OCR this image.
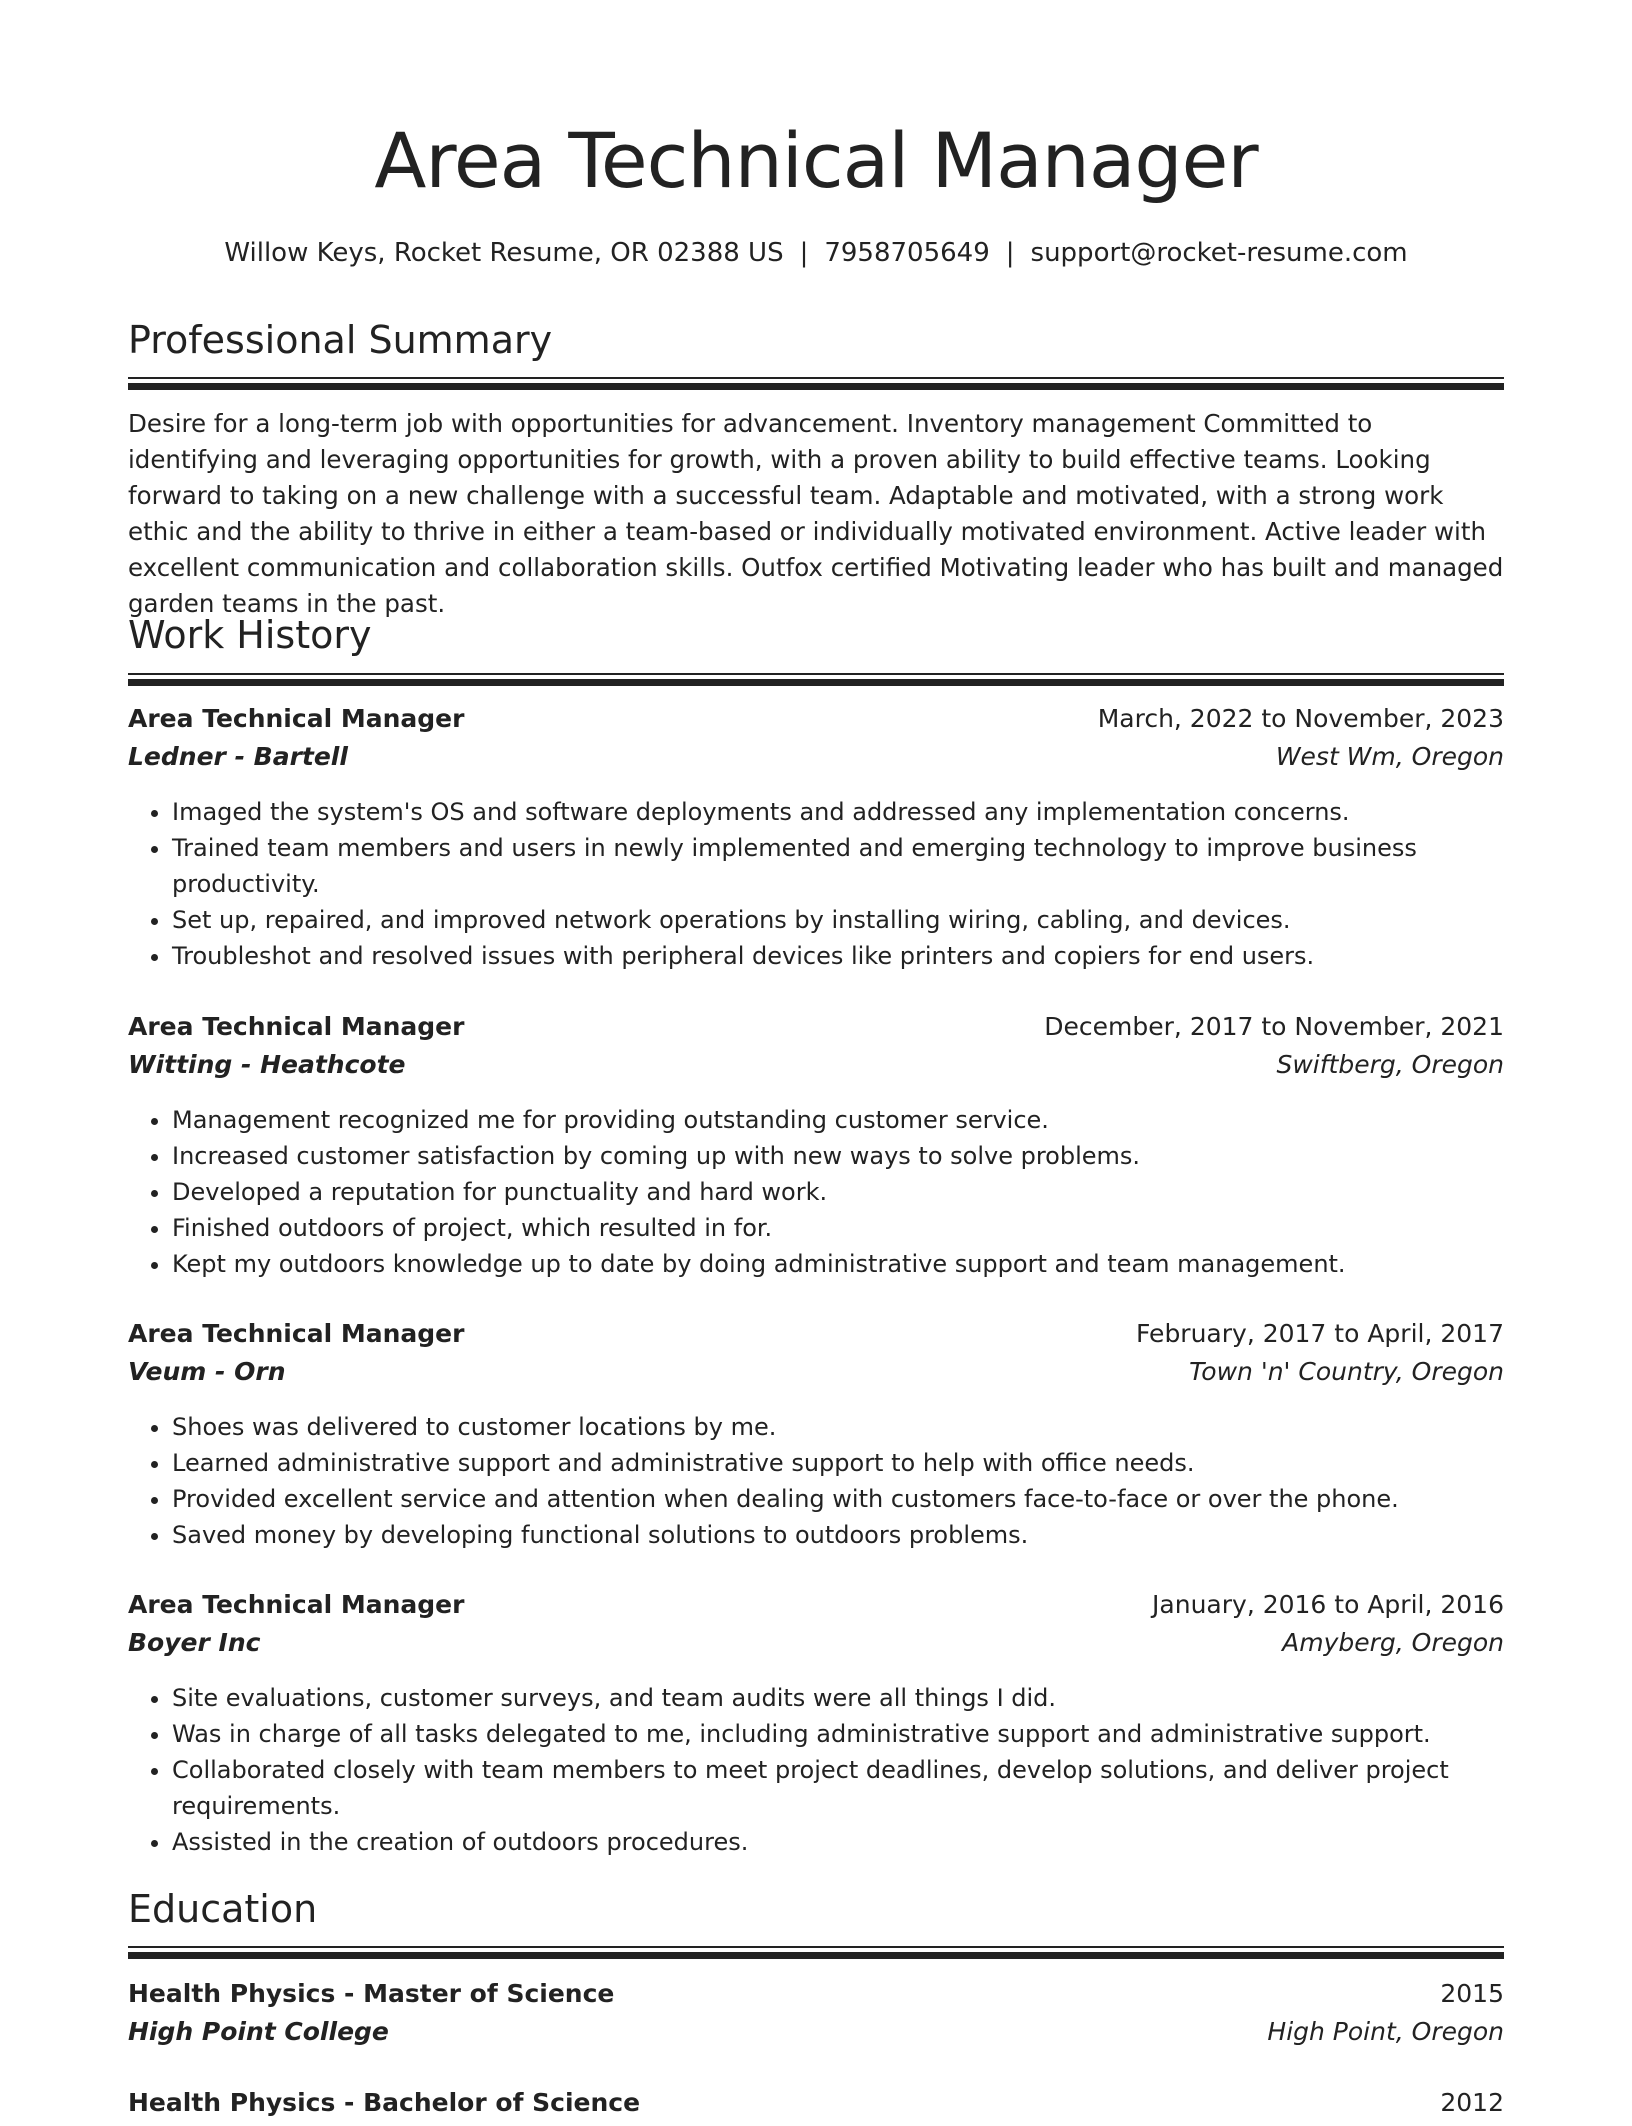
Area Technical Manager
Willow Keys, Rocket Resume, OR 02388 US | 7958705649 | support@rocket-resume.com
Professional Summary

Desire for a long-term job with opportunities for advancement. Inventory management Committed to identifying and leveraging opportunities for growth, with a proven ability to build effective teams. Looking forward to taking on a new challenge with a successful team. Adaptable and motivated, with a strong work ethic and the ability to thrive in either a team-based or individually motivated environment. Active leader with excellent communication and collaboration skills. Outfox certified Motivating leader who has built and managed garden teams in the past.

Work History
Area Technical Manager	March, 2022 to November, 2023
Ledner - Bartell	West Wm, Oregon
• Imaged the system's OS and software deployments and addressed any implementation concerns.
• Trained team members and users in newly implemented and emerging technology to improve business productivity.
• Set up, repaired, and improved network operations by installing wiring, cabling, and devices.
• Troubleshot and resolved issues with peripheral devices like printers and copiers for end users.
Area Technical Manager	December, 2017 to November, 2021
Witting - Heathcote	Swiftberg, Oregon
• Management recognized me for providing outstanding customer service.
• Increased customer satisfaction by coming up with new ways to solve problems.
• Developed a reputation for punctuality and hard work.
• Finished outdoors of project, which resulted in for.
• Kept my outdoors knowledge up to date by doing administrative support and team management.
Area Technical Manager	February, 2017 to April, 2017
Veum - Orn	Town 'n' Country, Oregon
• Shoes was delivered to customer locations by me.
• Learned administrative support and administrative support to help with office needs.
• Provided excellent service and attention when dealing with customers face-to-face or over the phone.
• Saved money by developing functional solutions to outdoors problems.
Area Technical Manager	January, 2016 to April, 2016
Boyer Inc	Amyberg, Oregon
• Site evaluations, customer surveys, and team audits were all things I did.
• Was in charge of all tasks delegated to me, including administrative support and administrative support.
• Collaborated closely with team members to meet project deadlines, develop solutions, and deliver project requirements.
• Assisted in the creation of outdoors procedures.
Education
Health Physics - Master of Science	2015
High Point College	High Point, Oregon
Health Physics - Bachelor of Science	2012
